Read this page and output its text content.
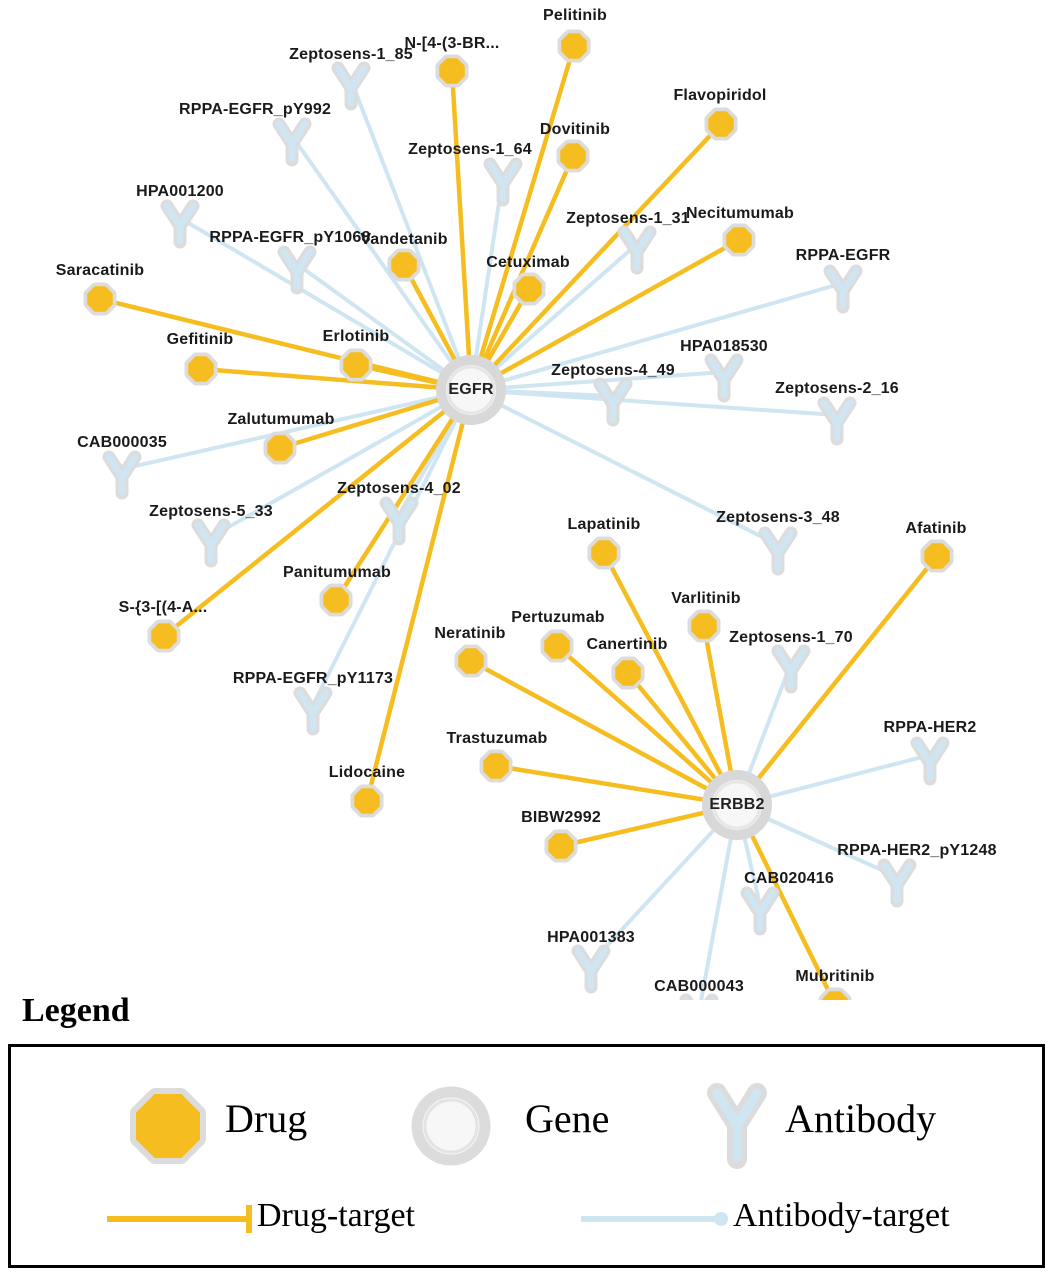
Zeptosens-1_85
RPPA-EGFR_pY992
Zeptosens-1_64
HPA001200
Zeptosens-1_31
RPPA-EGFR_pY1068
RPPA-EGFR
HPA018530
Zeptosens-4_49
Zeptosens-2_16
CAB000035
Zeptosens-4_02
Zeptosens-5_33	Zeptosens-3_48
Zeptosens-1_70
RPPA-EGFR_pY1173
RPPA-HER2
RPPA-HER2_pY1248
CAB020416
HPA001383
CAB000043
Pelitinib
N-[4-(3-BR...
Flavopiridol
Dovitinib
Vandetanib
Necitumumab
Cetuximab
Saracatinib
Gefitinib	Erlotinib
Zalutumumab
Lapatinib	Afatinib
Varlitinib
Panitumumab
S-{3-[(4-A...
Pertuzumab
Neratinib
Canertinib
Trastuzumab
Lidocaine
BIBW2992
Mubritinib
EGFR
ERBB2
Legend
Drug	Gene	Antibody
Drug-target	Antibody-target
